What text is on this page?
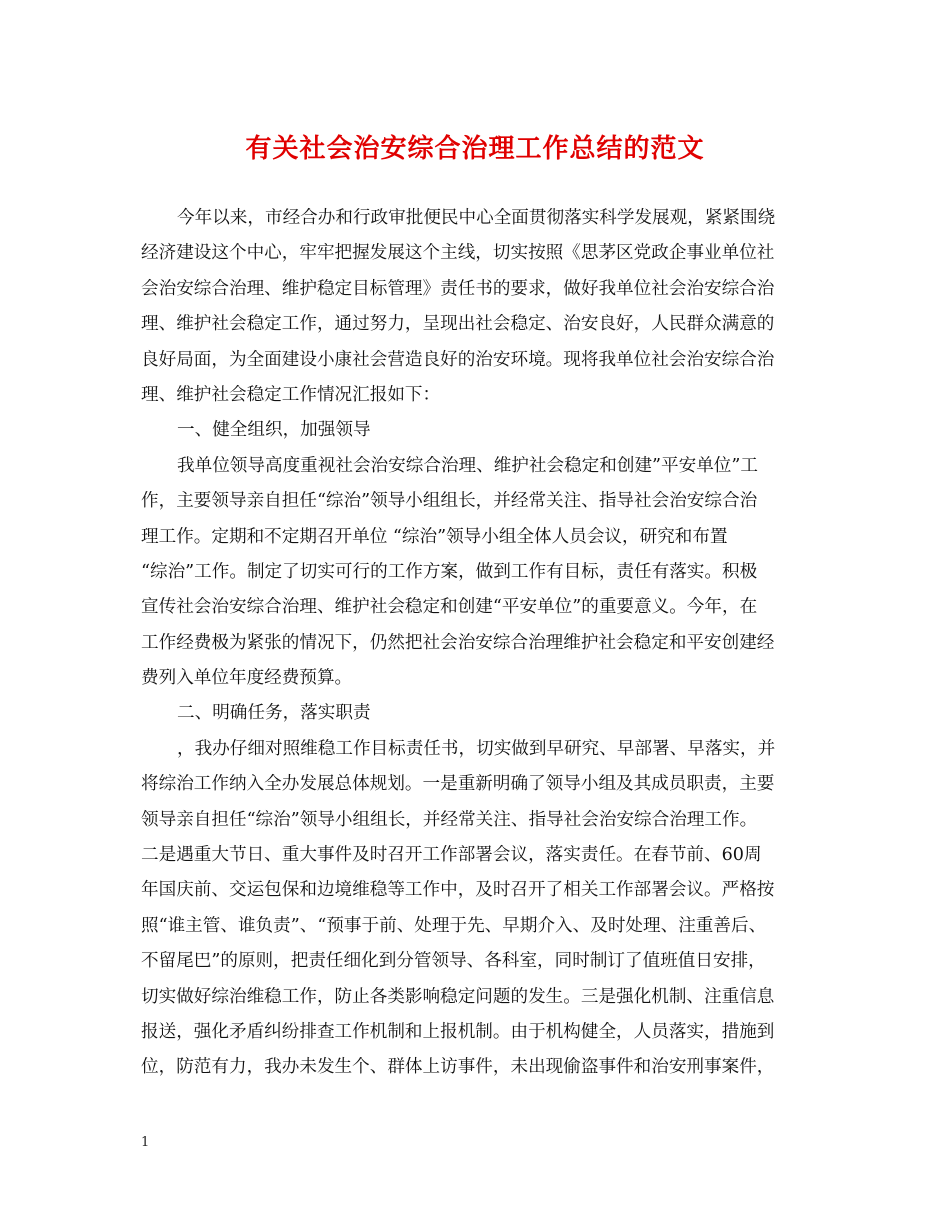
有关社会治安综合治理工作总结的范文
今年以来，市经合办和行政审批便民中心全面贯彻落实科学发展观，紧紧围绕
经济建设这个中心，牢牢把握发展这个主线，切实按照《思茅区党政企事业单位社
会治安综合治理、维护稳定目标管理》责任书的要求，做好我单位社会治安综合治
理、维护社会稳定工作，通过努力，呈现出社会稳定、治安良好，人民群众满意的
良好局面，为全面建设小康社会营造良好的治安环境。现将我单位社会治安综合治
理、维护社会稳定工作情况汇报如下：
一、健全组织，加强领导
我单位领导高度重视社会治安综合治理、维护社会稳定和创建”平安单位”工
作，主要领导亲自担任“综治”领导小组组长，并经常关注、指导社会治安综合治
理工作。定期和不定期召开单位 “综治”领导小组全体人员会议，研究和布置
“综治”工作。制定了切实可行的工作方案，做到工作有目标，责任有落实。积极
宣传社会治安综合治理、维护社会稳定和创建“平安单位”的重要意义。今年，在
工作经费极为紧张的情况下，仍然把社会治安综合治理维护社会稳定和平安创建经
费列入单位年度经费预算。
二、明确任务，落实职责
，我办仔细对照维稳工作目标责任书，切实做到早研究、早部署、早落实，并
将综治工作纳入全办发展总体规划。一是重新明确了领导小组及其成员职责，主要
领导亲自担任“综治”领导小组组长，并经常关注、指导社会治安综合治理工作。
二是遇重大节日、重大事件及时召开工作部署会议，落实责任。在春节前、60周
年国庆前、交运包保和边境维稳等工作中，及时召开了相关工作部署会议。严格按
照“谁主管、谁负责”、“预事于前、处理于先、早期介入、及时处理、注重善后、
不留尾巴”的原则，把责任细化到分管领导、各科室，同时制订了值班值日安排，
切实做好综治维稳工作，防止各类影响稳定问题的发生。三是强化机制、注重信息
报送，强化矛盾纠纷排查工作机制和上报机制。由于机构健全，人员落实，措施到
位，防范有力，我办未发生个、群体上访事件，未出现偷盗事件和治安刑事案件，
1
